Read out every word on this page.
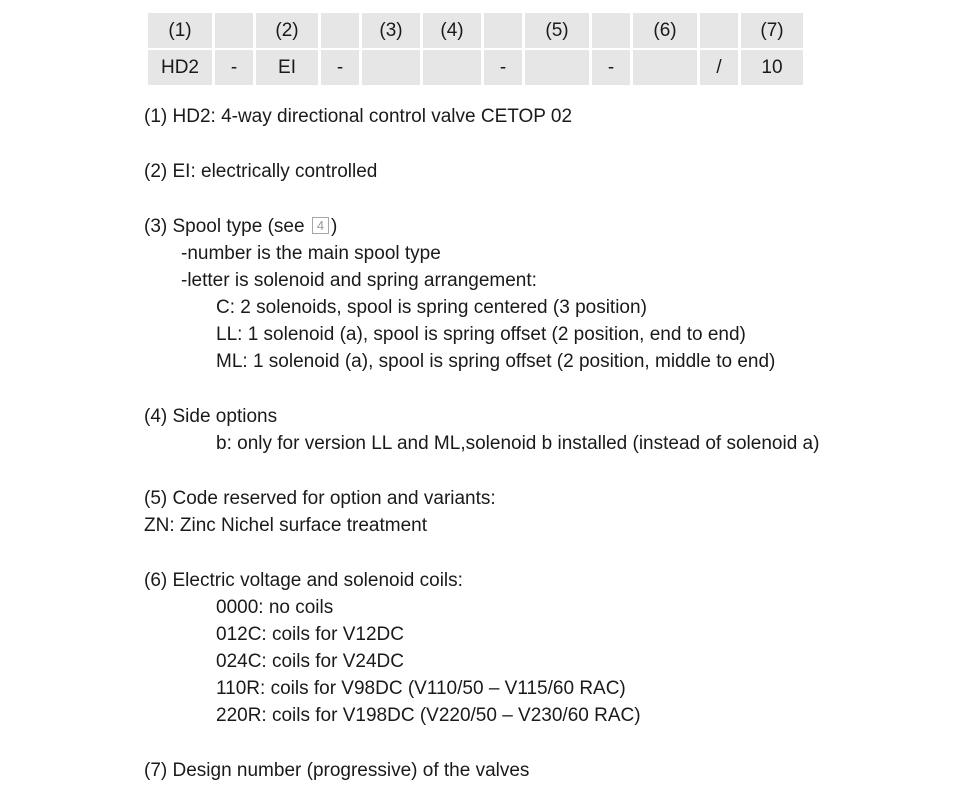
(1)		(2)		(3)	(4)		(5)		(6)		(7)
HD2	-	EI	-			-		-		/	10
(1) HD2: 4-way directional control valve CETOP 02
(2) EI: electrically controlled
(3) Spool type (see 4 )
-number is the main spool type
-letter is solenoid and spring arrangement:
C: 2 solenoids, spool is spring centered (3 position)
LL: 1 solenoid (a), spool is spring offset (2 position, end to end)
ML: 1 solenoid (a), spool is spring offset (2 position, middle to end)
(4) Side options
b: only for version LL and ML,solenoid b installed (instead of solenoid a)
(5) Code reserved for option and variants:
ZN: Zinc Nichel surface treatment
(6) Electric voltage and solenoid coils:
0000: no coils
012C: coils for V12DC
024C: coils for V24DC
110R: coils for V98DC (V110/50 – V115/60 RAC)
220R: coils for V198DC (V220/50 – V230/60 RAC)
(7) Design number (progressive) of the valves
